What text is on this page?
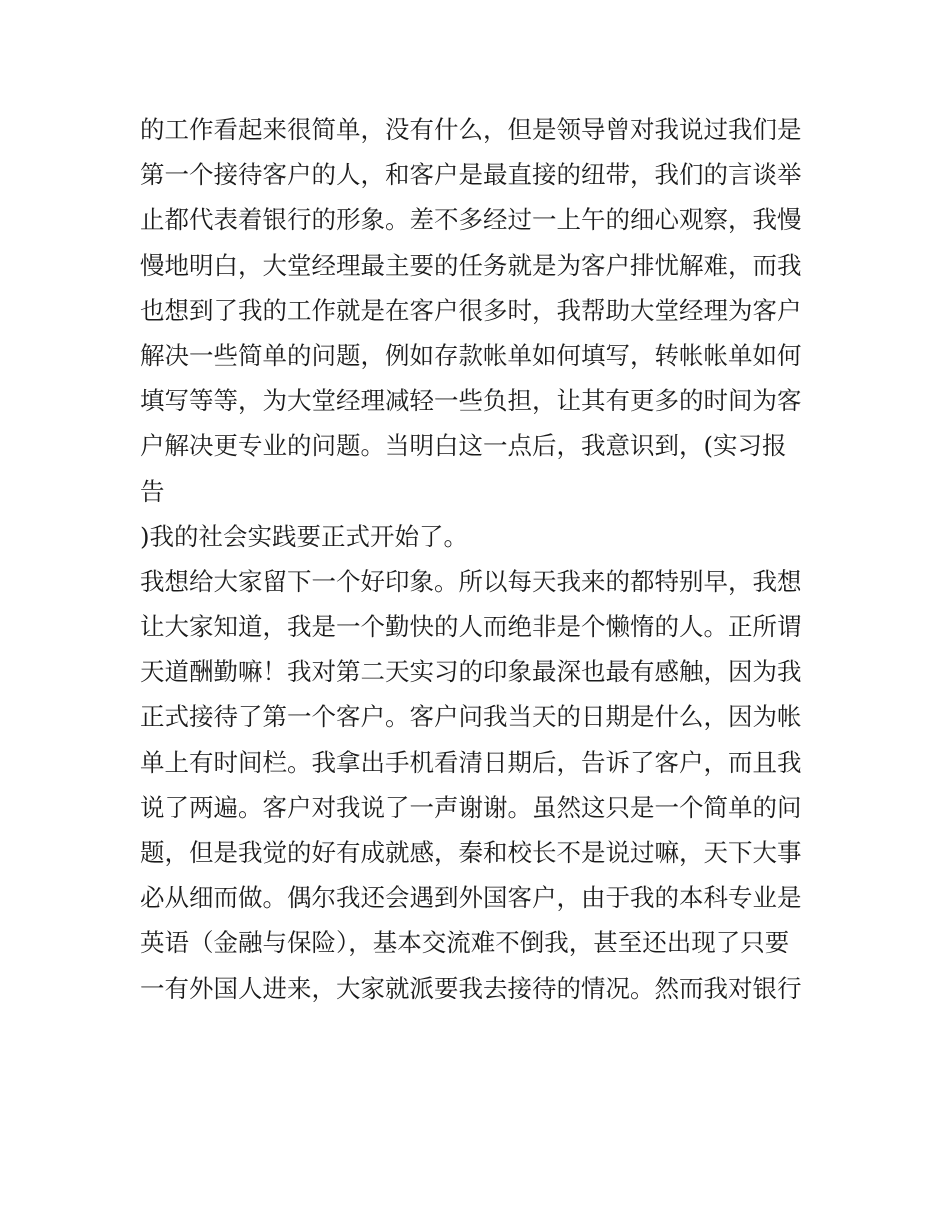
的工作看起来很简单，没有什么，但是领导曾对我说过我们是
第一个接待客户的人，和客户是最直接的纽带，我们的言谈举
止都代表着银行的形象。差不多经过一上午的细心观察，我慢
慢地明白，大堂经理最主要的任务就是为客户排忧解难，而我
也想到了我的工作就是在客户很多时，我帮助大堂经理为客户
解决一些简单的问题，例如存款帐单如何填写，转帐帐单如何
填写等等，为大堂经理减轻一些负担，让其有更多的时间为客
户解决更专业的问题。当明白这一点后，我意识到，(实习报
告
)我的社会实践要正式开始了。
我想给大家留下一个好印象。所以每天我来的都特别早，我想
让大家知道，我是一个勤快的人而绝非是个懒惰的人。正所谓
天道酬勤嘛！我对第二天实习的印象最深也最有感触，因为我
正式接待了第一个客户。客户问我当天的日期是什么，因为帐
单上有时间栏。我拿出手机看清日期后，告诉了客户，而且我
说了两遍。客户对我说了一声谢谢。虽然这只是一个简单的问
题，但是我觉的好有成就感，秦和校长不是说过嘛，天下大事
必从细而做。偶尔我还会遇到外国客户，由于我的本科专业是
英语（金融与保险），基本交流难不倒我，甚至还出现了只要
一有外国人进来，大家就派要我去接待的情况。然而我对银行
